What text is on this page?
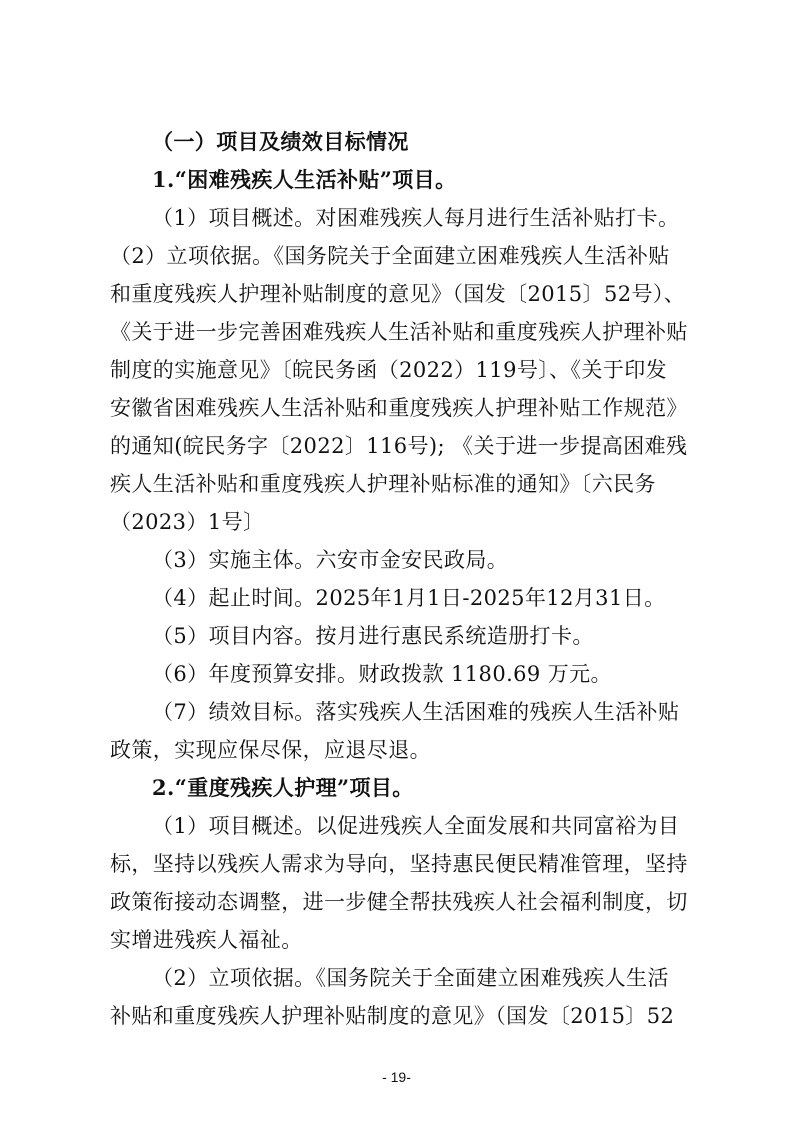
（一）项目及绩效目标情况
1.“困难残疾人生活补贴”项目。
（1）项目概述。对困难残疾人每月进行生活补贴打卡。
（2）立项依据。《国务院关于全面建立困难残疾人生活补贴
和重度残疾人护理补贴制度的意见》（国发〔2015〕52号）、
《关于进一步完善困难残疾人生活补贴和重度残疾人护理补贴
制度的实施意见》〔皖民务函（2022）119号〕、《关于印发
安徽省困难残疾人生活补贴和重度残疾人护理补贴工作规范》
的通知(皖民务字〔2022〕116号); 《关于进一步提高困难残
疾人生活补贴和重度残疾人护理补贴标准的通知》〔六民务
（2023）1号〕
（3）实施主体。六安市金安民政局。
（4）起止时间。2025年1月1日-2025年12月31日。
（5）项目内容。按月进行惠民系统造册打卡。
（6）年度预算安排。财政拨款 1180.69 万元。
（7）绩效目标。落实残疾人生活困难的残疾人生活补贴
政策，实现应保尽保，应退尽退。
2.“重度残疾人护理”项目。
（1）项目概述。以促进残疾人全面发展和共同富裕为目
标，坚持以残疾人需求为导向，坚持惠民便民精准管理，坚持
政策衔接动态调整，进一步健全帮扶残疾人社会福利制度，切
实增进残疾人福祉。
（2）立项依据。《国务院关于全面建立困难残疾人生活
补贴和重度残疾人护理补贴制度的意见》（国发〔2015〕52
- 19-
